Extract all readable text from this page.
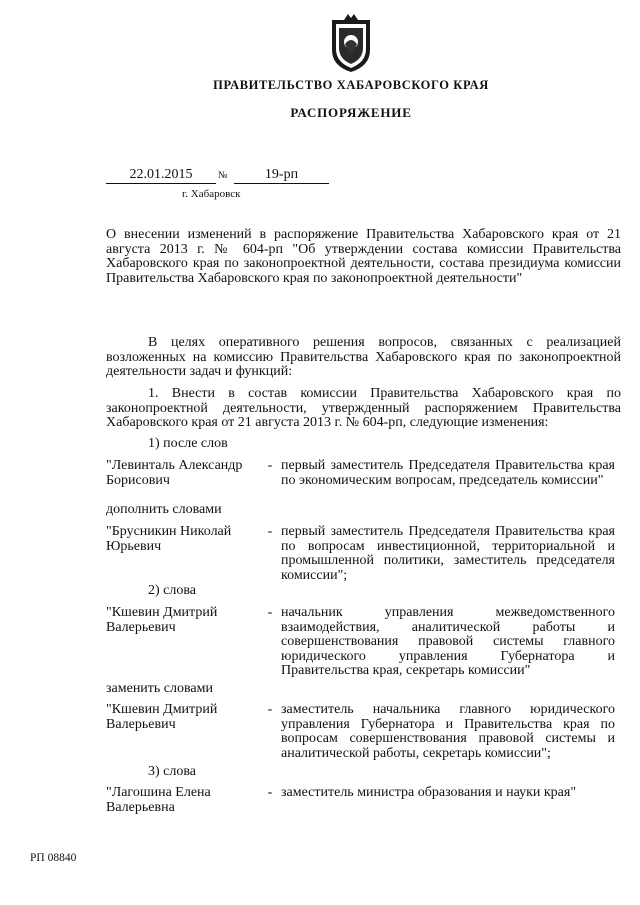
ПРАВИТЕЛЬСТВО ХАБАРОВСКОГО КРАЯ
РАСПОРЯЖЕНИЕ
22.01.2015	№	19-рп
г. Хабаровск
О внесении изменений в распоряжение Правительства Хабаровского края от 21 августа 2013 г. № 604-рп "Об утверждении состава комиссии Правительства Хабаровского края по законопроектной деятельности, состава президиума комиссии Правительства Хабаровского края по законопроектной деятельности"
В целях оперативного решения вопросов, связанных с реализацией возложенных на комиссию Правительства Хабаровского края по законопроектной деятельности задач и функций:
1. Внести в состав комиссии Правительства Хабаровского края по законопроектной деятельности, утвержденный распоряжением Правительства Хабаровского края от 21 августа 2013 г. № 604-рп, следующие изменения:
1) после слов
"Левинталь Александр Борисович
- первый заместитель Председателя Правительства края по экономическим вопросам, председатель комиссии"
дополнить словами
"Брусникин Николай Юрьевич
- первый заместитель Председателя Правительства края по вопросам инвестиционной, территориальной и промышленной политики, заместитель председателя комиссии";
2) слова
"Кшевин Дмитрий Валерьевич
- начальник управления межведомственного взаимодействия, аналитической работы и совершенствования правовой системы главного юридического управления Губернатора и Правительства края, секретарь комиссии"
заменить словами
"Кшевин Дмитрий Валерьевич
- заместитель начальника главного юридического управления Губернатора и Правительства края по вопросам совершенствования правовой системы и аналитической работы, секретарь комиссии";
3) слова
"Лагошина Елена Валерьевна
- заместитель министра образования и науки края"
РП 08840
